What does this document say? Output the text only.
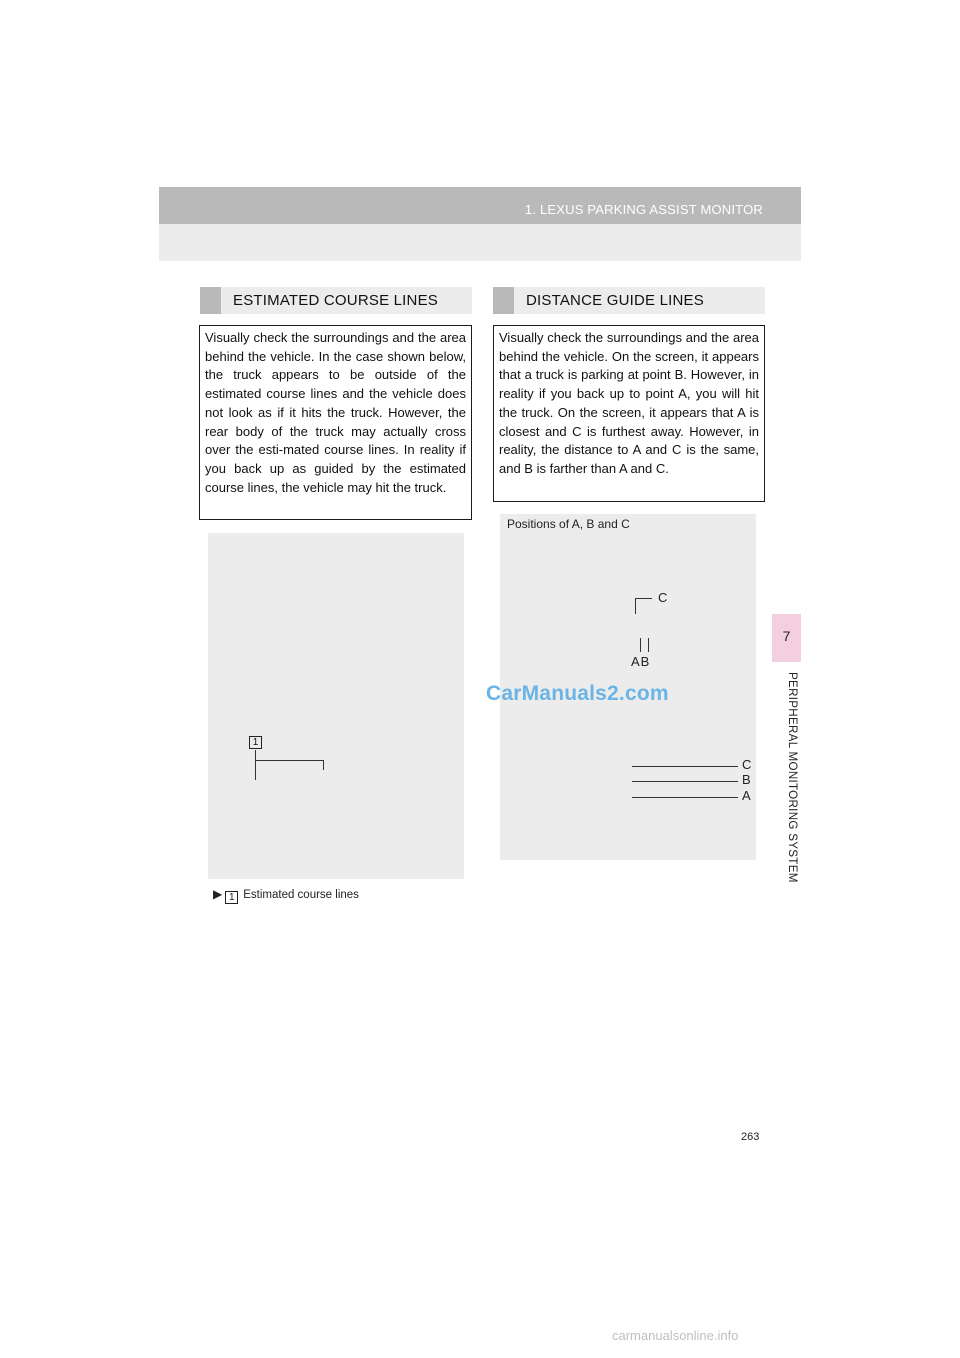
1. LEXUS PARKING ASSIST MONITOR
7
PERIPHERAL MONITORING SYSTEM
ESTIMATED COURSE LINES
Visually check the surroundings and the area behind the vehicle. In the case shown below, the truck appears to be outside of the estimated course lines and the vehicle does not look as if it hits the truck. However, the rear body of the truck may actually cross over the esti-mated course lines. In reality if you back up as guided by the estimated course lines, the vehicle may hit the truck.
1
▶ 1 Estimated course lines
DISTANCE GUIDE LINES
Visually check the surroundings and the area behind the vehicle. On the screen, it appears that a truck is parking at point B. However, in reality if you back up to point A, you will hit the truck. On the screen, it appears that A is closest and C is furthest away. However, in reality, the distance to A and C is the same, and B is farther than A and C.
Positions of A, B and C
C
AB
C
B
A
CarManuals2.com
263
carmanualsonline.info
